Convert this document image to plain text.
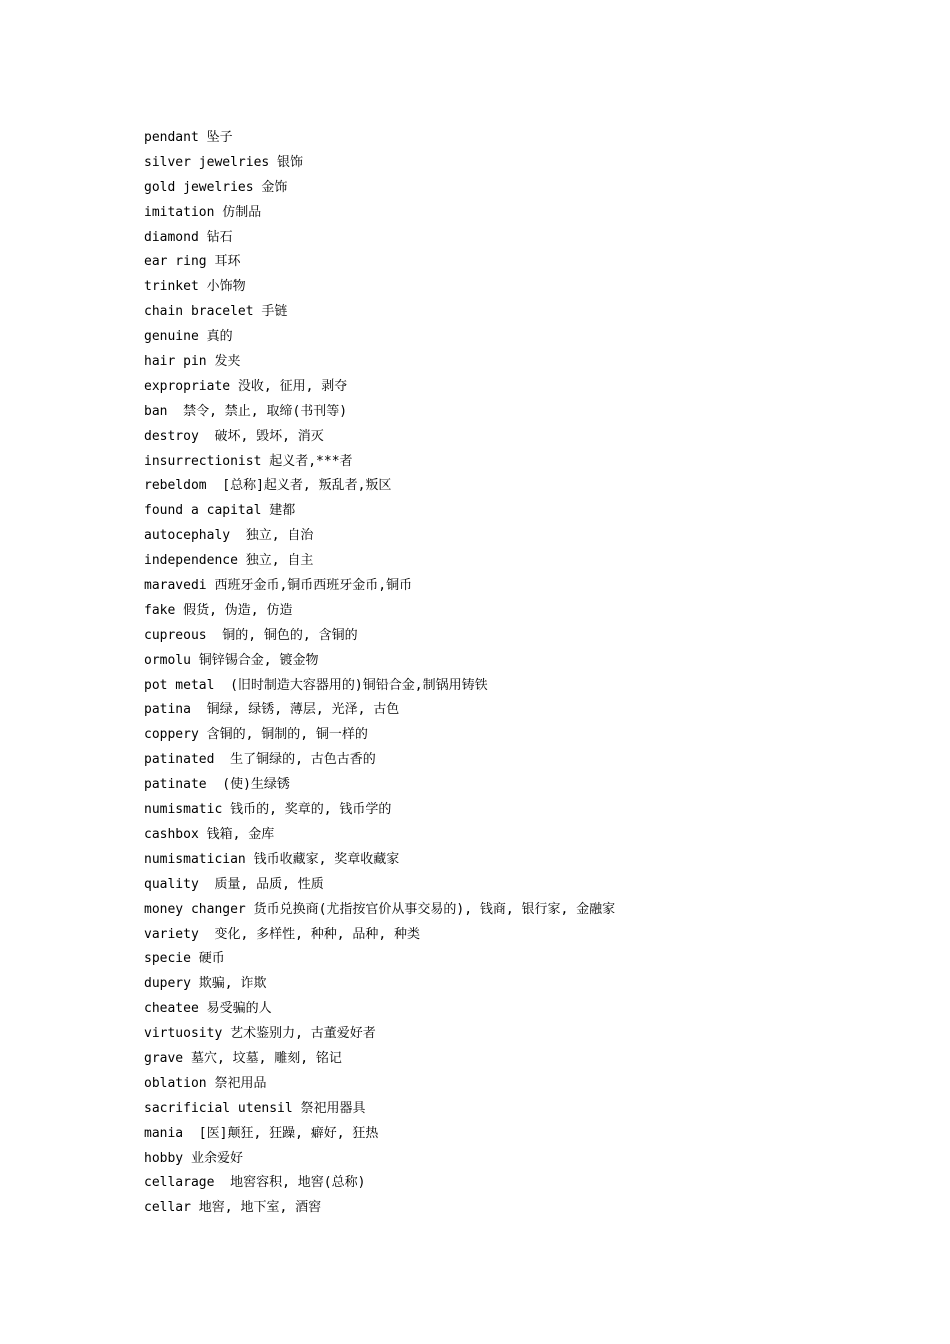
pendant 坠子
silver jewelries 银饰
gold jewelries 金饰
imitation 仿制品
diamond 钻石
ear ring 耳环
trinket 小饰物
chain bracelet 手链
genuine 真的
hair pin 发夹
expropriate 没收, 征用, 剥夺
ban  禁令, 禁止, 取缔(书刊等)
destroy  破坏, 毁坏, 消灭
insurrectionist 起义者,***者
rebeldom  [总称]起义者, 叛乱者,叛区
found a capital 建都
autocephaly  独立, 自治
independence 独立, 自主
maravedi 西班牙金币,铜币西班牙金币,铜币
fake 假货, 伪造, 仿造
cupreous  铜的, 铜色的, 含铜的
ormolu 铜锌锡合金, 镀金物
pot metal  (旧时制造大容器用的)铜铅合金,制锅用铸铁
patina  铜绿, 绿锈, 薄层, 光泽, 古色
coppery 含铜的, 铜制的, 铜一样的
patinated  生了铜绿的, 古色古香的
patinate  (使)生绿锈
numismatic 钱币的, 奖章的, 钱币学的
cashbox 钱箱, 金库
numismatician 钱币收藏家, 奖章收藏家
quality  质量, 品质, 性质
money changer 货币兑换商(尤指按官价从事交易的), 钱商, 银行家, 金融家
variety  变化, 多样性, 种种, 品种, 种类
specie 硬币
dupery 欺骗, 诈欺
cheatee 易受骗的人
virtuosity 艺术鉴别力, 古董爱好者
grave 墓穴, 坟墓, 雕刻, 铭记
oblation 祭祀用品
sacrificial utensil 祭祀用器具
mania  [医]颠狂, 狂躁, 癖好, 狂热
hobby 业余爱好
cellarage  地窖容积, 地窖(总称)
cellar 地窖, 地下室, 酒窖
